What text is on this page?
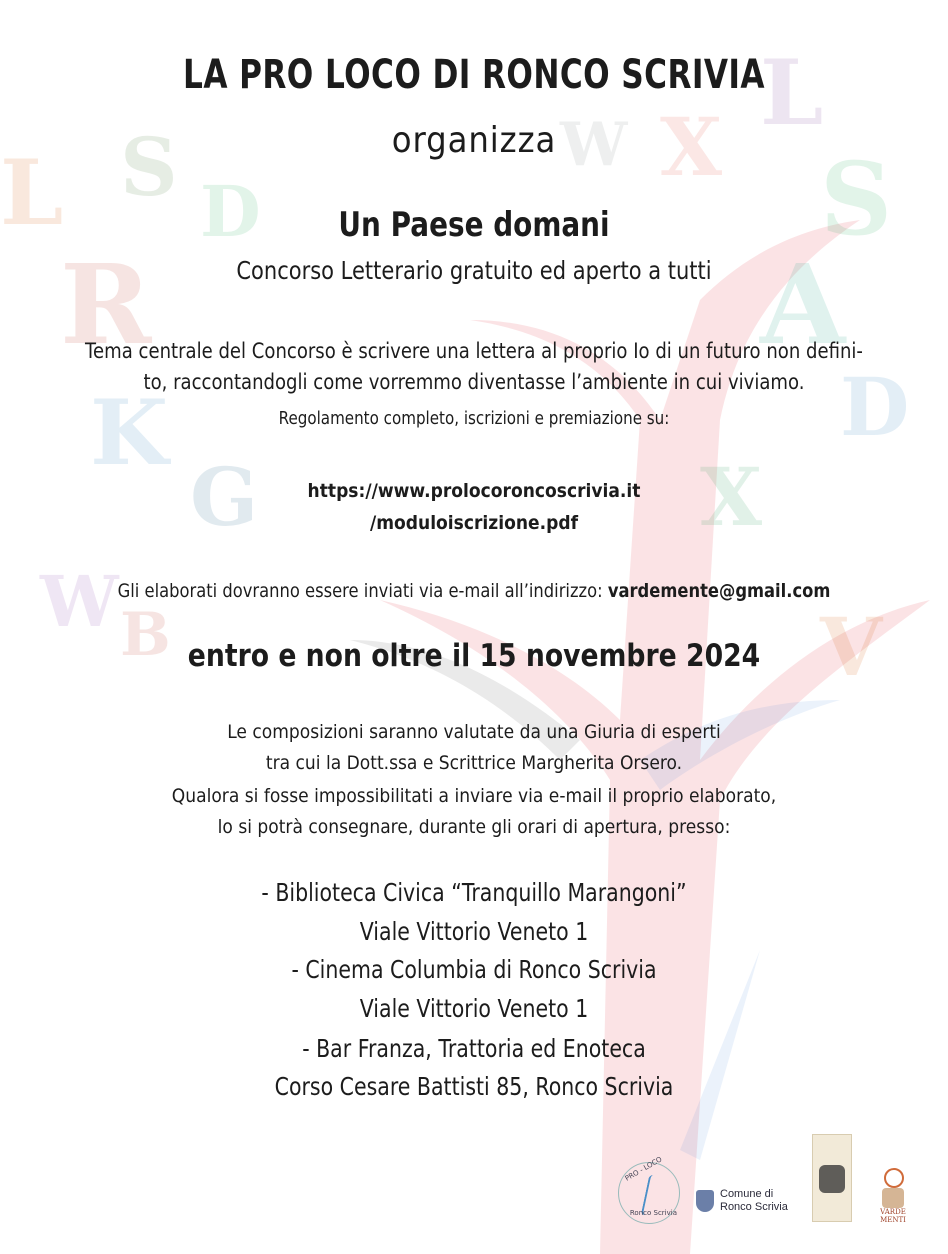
S
R
L D
K
G
W B
L
S
A
D
X
V
W X
LA PRO LOCO DI RONCO SCRIVIA
organizza
Un Paese domani
Concorso Letterario gratuito ed aperto a tutti
Tema centrale del Concorso è scrivere una lettera al proprio Io di un futuro non defini-
to, raccontandogli come vorremmo diventasse l’ambiente in cui viviamo.
Regolamento completo, iscrizioni e premiazione su:
https://www.prolocoroncoscrivia.it
/moduloiscrizione.pdf
Gli elaborati dovranno essere inviati via e-mail all’indirizzo: vardemente@gmail.com
entro e non oltre il 15 novembre 2024
Le composizioni saranno valutate da una Giuria di esperti
tra cui la Dott.ssa e Scrittrice Margherita Orsero.
Qualora si fosse impossibilitati a inviare via e-mail il proprio elaborato,
lo si potrà consegnare, durante gli orari di apertura, presso:
- Biblioteca Civica “Tranquillo Marangoni”
Viale Vittorio Veneto 1
- Cinema Columbia di Ronco Scrivia
Viale Vittorio Veneto 1
- Bar Franza, Trattoria ed Enoteca
Corso Cesare Battisti 85, Ronco Scrivia
PRO - LOCO
Ronco Scrivia
Comune di
Ronco Scrivia	VARDE MENTI
